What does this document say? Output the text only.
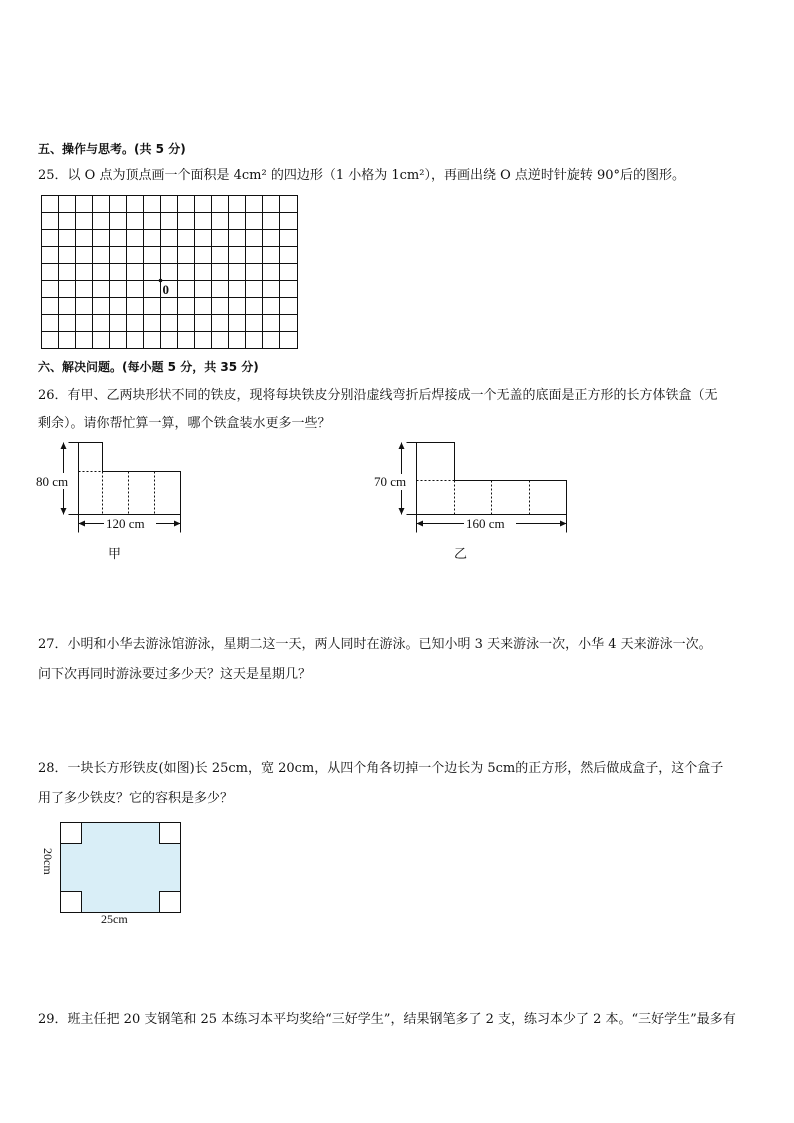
五、操作与思考。(共 5 分)
25．以 O 点为顶点画一个面积是 4cm² 的四边形（1 小格为 1cm²），再画出绕 O 点逆时针旋转 90°后的图形。
0
六、解决问题。(每小题 5 分，共 35 分)
26．有甲、乙两块形状不同的铁皮，现将每块铁皮分别沿虚线弯折后焊接成一个无盖的底面是正方形的长方体铁盒（无
剩余）。请你帮忙算一算，哪个铁盒装水更多一些？
80 cm
120 cm
甲
70 cm
160 cm
乙
27．小明和小华去游泳馆游泳，星期二这一天，两人同时在游泳。已知小明 3 天来游泳一次，小华 4 天来游泳一次。
问下次再同时游泳要过多少天？这天是星期几？
28．一块长方形铁皮(如图)长 25cm，宽 20cm，从四个角各切掉一个边长为 5cm的正方形，然后做成盒子，这个盒子
用了多少铁皮？它的容积是多少？
25cm
20cm
29．班主任把 20 支钢笔和 25 本练习本平均奖给“三好学生”，结果钢笔多了 2 支，练习本少了 2 本。“三好学生”最多有
